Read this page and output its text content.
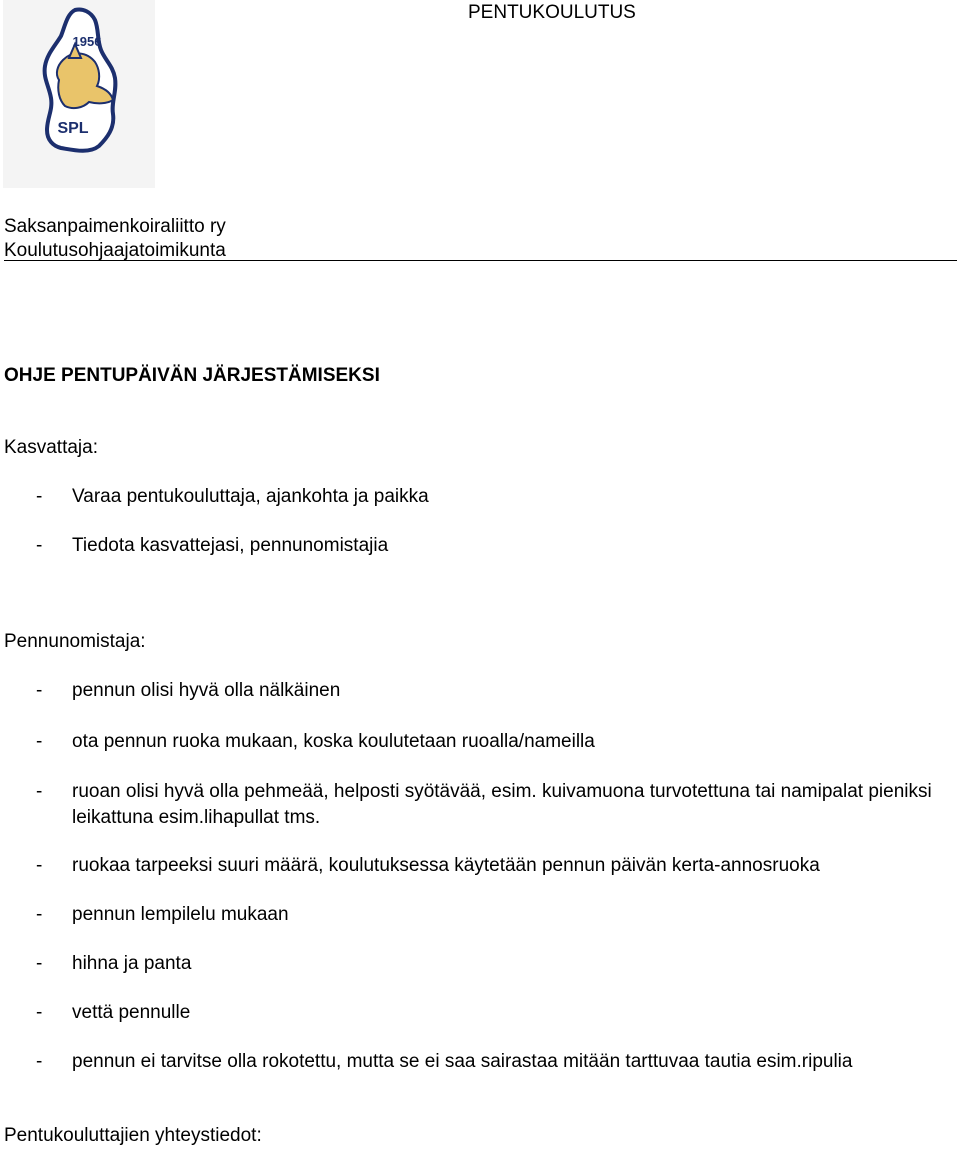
1956
SPL
PENTUKOULUTUS
Saksanpaimenkoiraliitto ry
Koulutusohjaajatoimikunta
OHJE PENTUPÄIVÄN JÄRJESTÄMISEKSI
Kasvattaja:
- Varaa pentukouluttaja, ajankohta ja paikka
- Tiedota kasvattejasi, pennunomistajia
Pennunomistaja:
- pennun olisi hyvä olla nälkäinen
- ota pennun ruoka mukaan, koska koulutetaan ruoalla/nameilla
- ruoan olisi hyvä olla pehmeää, helposti syötävää, esim. kuivamuona turvotettuna tai namipalat pieniksi leikattuna esim.lihapullat tms.
- ruokaa tarpeeksi suuri määrä, koulutuksessa käytetään pennun päivän kerta-annosruoka
- pennun lempilelu mukaan
- hihna ja panta
- vettä pennulle
- pennun ei tarvitse olla rokotettu, mutta se ei saa sairastaa mitään tarttuvaa tautia esim.ripulia
Pentukouluttajien yhteystiedot:
